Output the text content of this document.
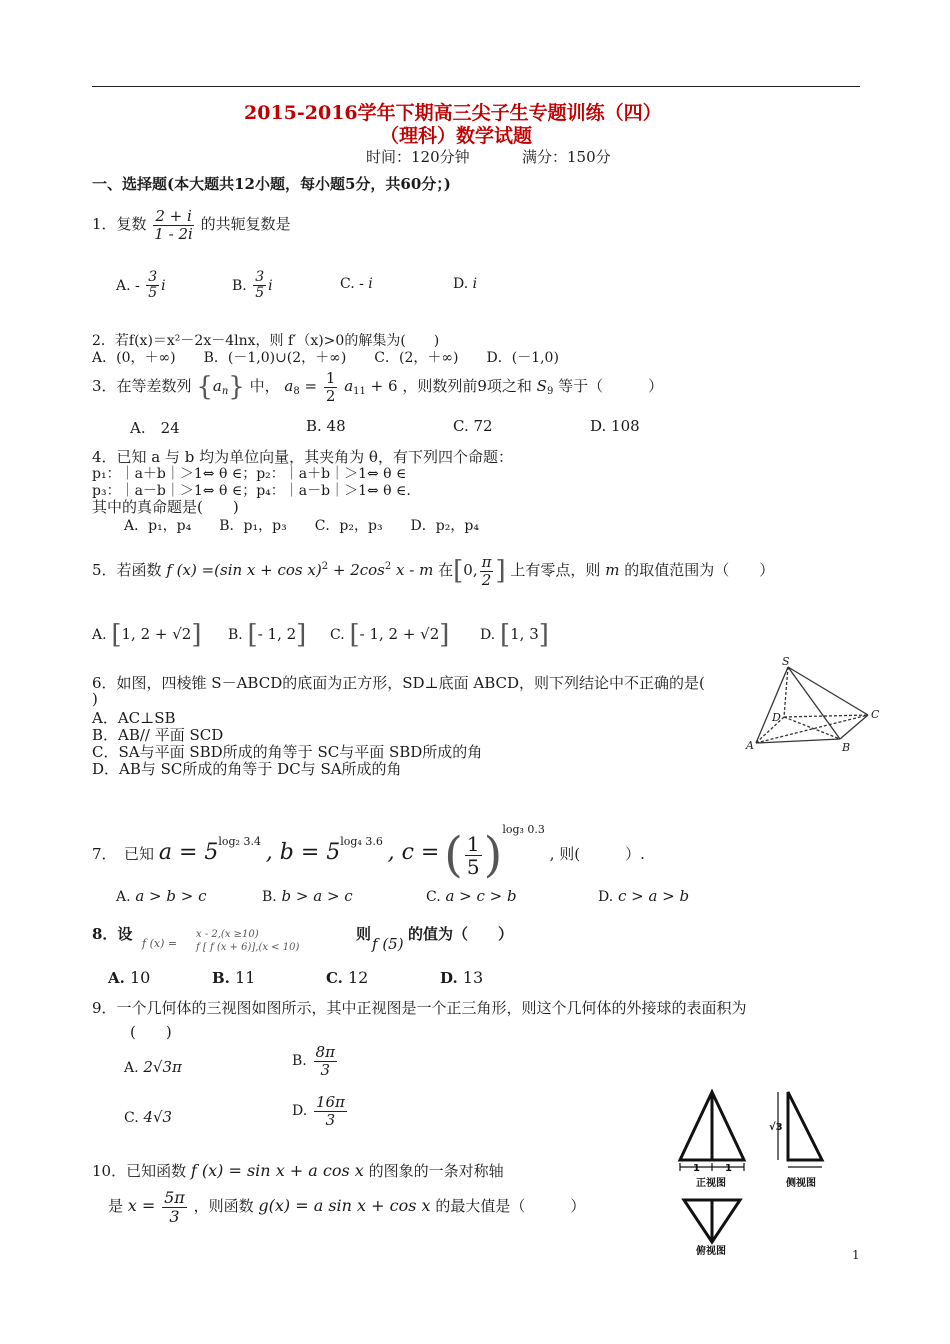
2015-2016学年下期高三尖子生专题训练（四）
（理科）数学试题
时间：120分钟	满分：150分
一、选择题(本大题共12小题，每小题5分，共60分；)
1．复数 $\frac{2 + i}{1 - 2i}$ 的共轭复数是
A. - $\frac{3}{5}$ i	B. $\frac{3}{5}$ i	C. - i	D. i
2．若f(x)＝x²－2x－4lnx，则 f′（x)>0的解集为(　　)
A．(0，＋∞)　　B．(－1,0)∪(2，＋∞)　　C．(2，＋∞)　　D．(－1,0)
3．在等差数列 $\{a_n\}$ 中， $a_8 = \frac{1}{2} a_{11} + 6$ ，则数列前9项之和 $S_9$ 等于（　　　）
A.　24	B. 48	C. 72	D. 108
4．已知 a 与 b 均为单位向量，其夹角为 θ，有下列四个命题：
p₁：｜a＋b｜＞1⇔ θ ∈；p₂：｜a＋b｜＞1⇔ θ ∈
p₃：｜a－b｜＞1⇔ θ ∈；p₄：｜a－b｜＞1⇔ θ ∈.
其中的真命题是(　　)
A．p₁，p₄　　B．p₁，p₃　　C．p₂，p₃　　D．p₂，p₄
5．若函数 f (x) =(sin $x + \cos x)^2 + 2\cos^2$ x - m 在[0, $\frac{\pi}{2}$ ] 上有零点，则 m 的取值范围为（　　）
A. [1, 2 + √2] B. [- 1, 2] C. [- 1, 2 + √2] D. [1, 3]
6．如图，四棱锥 S－ABCD的底面为正方形，SD⊥底面 ABCD，则下列结论中不正确的是(
)
A．AC⊥SB
B．AB// 平面 SCD
C．SA与平面 SBD所成的角等于 SC与平面 SBD所成的角
D．AB与 SC所成的角等于 DC与 SA所成的角
S
D	C
A	B
7．　已知 $a = 5^{log_2 3.4}$ , $b = 5^{log_4 3.6}$ , c = ( $\frac{1}{5} )^{log_3 0.3}$ , 则(　　　）.
A. a > b > c	B. b > a > c	C. a > c > b	D. c > a > b
8．设
f (x) =
x - 2,(x ≥10)
f [ f (x + 6)],(x < 10)
则
f (5)
的值为（　　）
A. 10	B. 11	C. 12	D. 13
9．一个几何体的三视图如图所示，其中正视图是一个正三角形，则这个几何体的外接球的表面积为
(　　)
A. 2√3π	B. $\frac{8\pi}{3}$
C. 4√3	D. $\frac{16\pi}{3}$
1	1
√3
正视图	侧视图
俯视图
10．已知函数 f (x) = sin x + a cos x 的图象的一条对称轴
是 $x = \frac{5\pi}{3}$ ，则函数 g(x) = a sin x + cos x 的最大值是（　　　）
1
